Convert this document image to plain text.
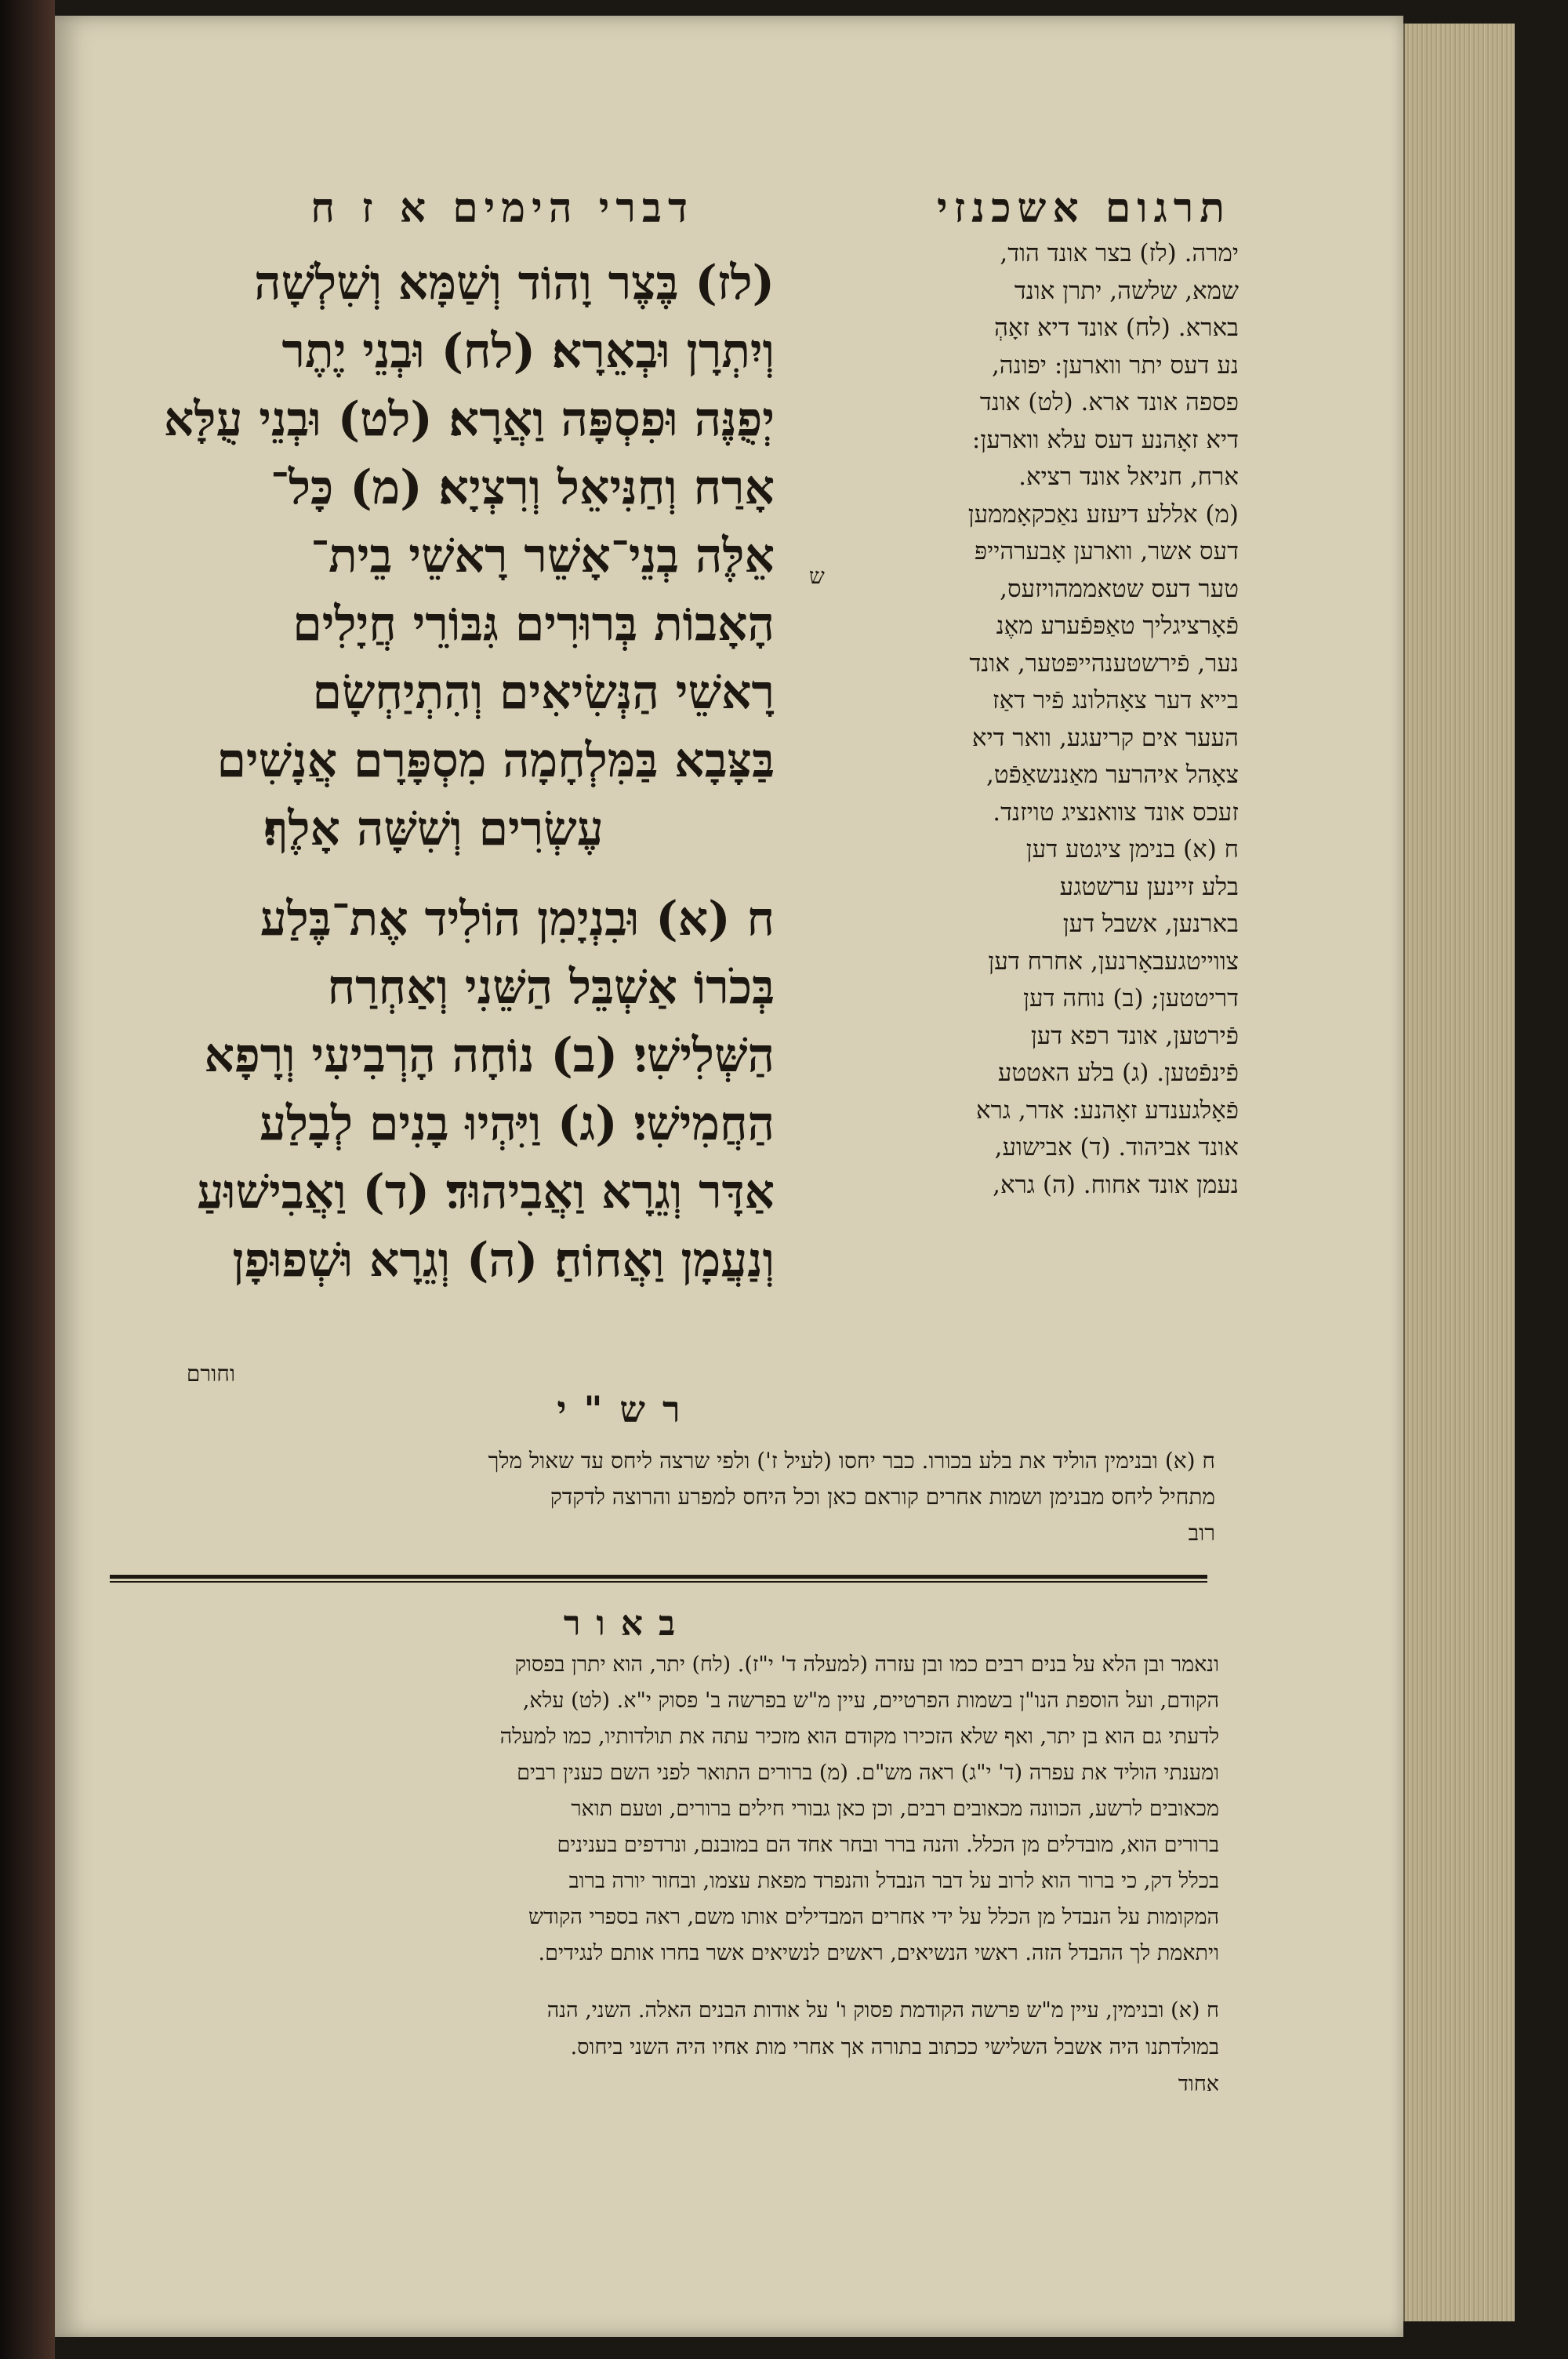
תרגום אשכנזי
דברי הימים א ז ח
ימרה. (לז) בצר אונד הוד,
שמא, שלשה, יתרן אונד
בארא. (לח) אונד דיא זאָהְ
נע דעס יתר ווארען: יפונה,
פספה אונד ארא. (לט) אונד
דיא זאָהנע דעס עלא ווארען:
ארח, חניאל אונד רציא.
(מ) אללע דיעזע נאַכקאָממען
דעס אשר, ווארען אָבערהייפּ
טער דעס שטאממהויזעס,
פֿאָרציגליך טאַפּפֿערע מאֶנ
נער, פֿירשטענהייפּטער, אונד
בייא דער צאָהלונג פֿיר דאַז
העער אים קריעגע, וואר דיא
צאָהל איהרער מאַננשאַפֿט,
זעכס אונד צוואנציג טויזנד.
ח (א) בנימן ציגטע דען
בלע זיינען ערשטגע
בארנען, אשבל דען
צווייטגעבאָרנען, אחרח דען
דריטטען; (ב) נוחה דען
פֿירטען, אונד רפא דען
פֿינפֿטען. (ג) בלע האטטע
פֿאָלגענדע זאָהנע: אדר, גרא
אונד אביהוד. (ד) אבישוע,
נעמן אונד אחוח. (ה) גרא,
ש
(לז) בֶּצֶר וָהוֹד וְשַׁמָּא וְשִׁלְשָׁה
וְיִתְרָן וּבְאֵרָא׃ (לח) וּבְנֵי יֶתֶר
יְפֻנֶּה וּפִסְפָּה וַאֲרָא׃ (לט) וּבְנֵי עֻלָּא
אָרַח וְחַנִּיאֵל וְרִצְיָא׃ (מ) כָּל־
אֵלֶּה בְנֵי־אָשֵׁר רָאשֵׁי בֵית־
הָאָבוֹת בְּרוּרִים גִּבּוֹרֵי חֲיָלִים
רָאשֵׁי הַנְּשִׂיאִים וְהִתְיַחְשָׂם
בַּצָּבָא בַּמִּלְחָמָה מִסְפָּרָם אֲנָשִׁים
עֶשְׂרִים וְשִׁשָּׁה אָלֶף׃
ח (א) וּבִנְיָמִן הוֹלִיד אֶת־בֶּלַע
בְּכֹרוֹ אַשְׁבֵּל הַשֵּׁנִי וְאַחְרַח
הַשְּׁלִישִׁי׃ (ב) נוֹחָה הָרְבִיעִי וְרָפָא
הַחֲמִישִׁי׃ (ג) וַיִּהְיוּ בָנִים לְבָלַע
אַדָּר וְגֵרָא וַאֲבִיהוּד׃ (ד) וַאֲבִישׁוּעַ
וְנַעֲמָן וַאֲחוֹחַ׃ (ה) וְגֵרָא וּשְׁפוּפָן
וחורם
רש"י
ח (א) ובנימין הוליד את בלע בכורו. כבר יחסו (לעיל ז') ולפי שרצה ליחס עד שאול מלך
מתחיל ליחס מבנימן ושמות אחרים קוראם כאן וכל היחס למפרע והרוצה לדקדק
רוב
באור
ונאמר ובן הלא על בנים רבים כמו ובן עזרה (למעלה ד' י"ז). (לח) יתר, הוא יתרן בפסוק
הקודם, ועל הוספת הנו"ן בשמות הפרטיים, עיין מ"ש בפרשה ב' פסוק י"א. (לט) עלא,
לדעתי גם הוא בן יתר, ואף שלא הזכירו מקודם הוא מזכיר עתה את תולדותיו, כמו למעלה
ומענתי הוליד את עפרה (ד' י"ג) ראה מש"ם. (מ) ברורים התואר לפני השם כענין רבים
מכאובים לרשע, הכוונה מכאובים רבים, וכן כאן גבורי חילים ברורים, וטעם תואר
ברורים הוא, מובדלים מן הכלל. והנה ברר ובחר אחד הם במובנם, ונרדפים בענינים
בכלל דק, כי ברור הוא לרוב על דבר הנבדל והנפרד מפאת עצמו, ובחור יורה ברוב
המקומות על הנבדל מן הכלל על ידי אחרים המבדילים אותו משם, ראה בספרי הקודש
ויתאמת לך ההבדל הזה. ראשי הנשיאים, ראשים לנשיאים אשר בחרו אותם לנגידים.
ח (א) ובנימין, עיין מ"ש פרשה הקודמת פסוק ו' על אודות הבנים האלה. השני, הנה
במולדתנו היה אשבל השלישי ככתוב בתורה אך אחרי מות אחיו היה השני ביחוס.
אחוד
